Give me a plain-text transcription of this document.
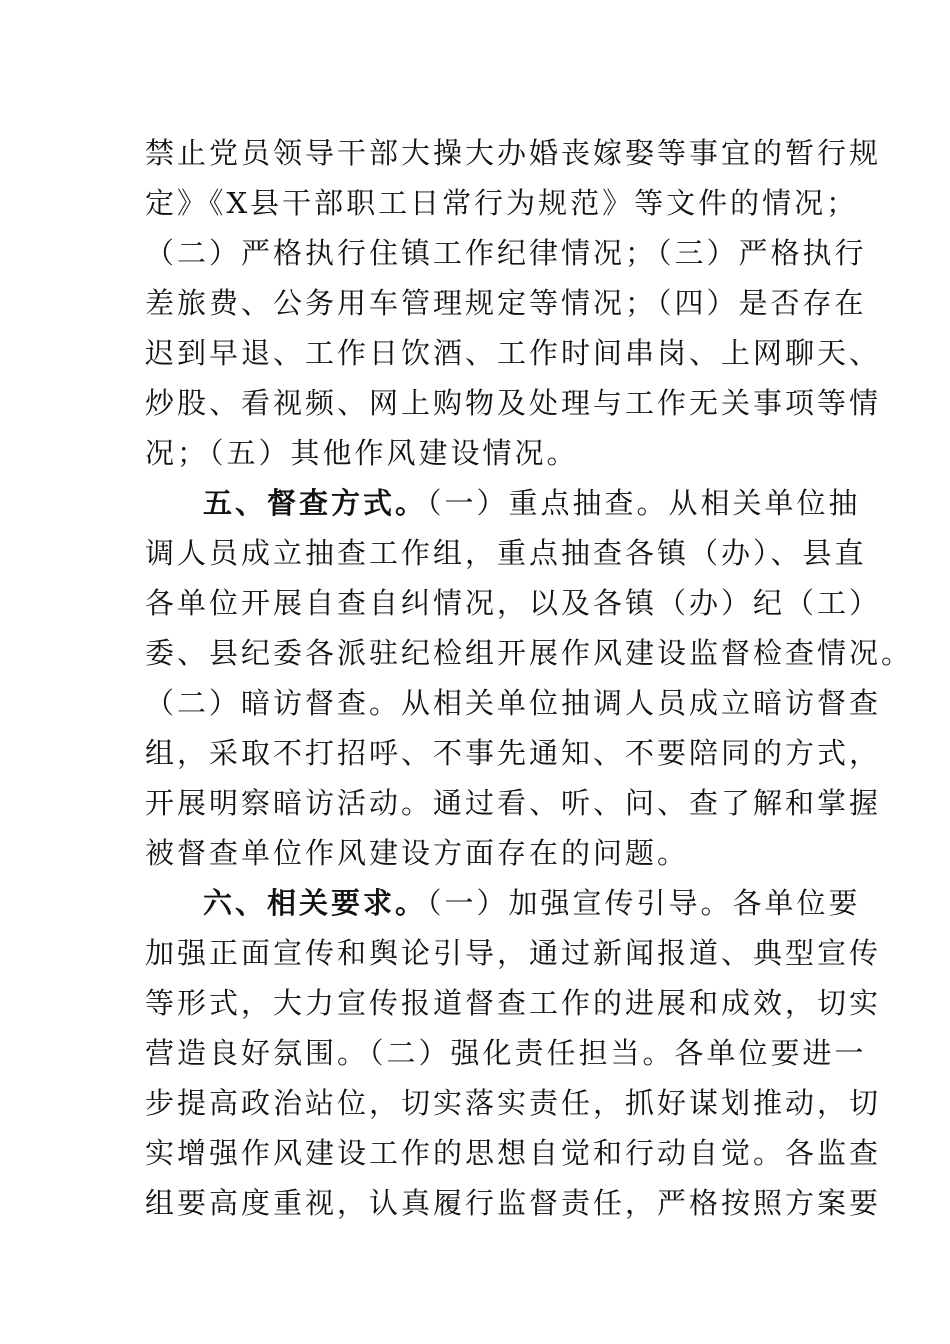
禁止党员领导干部大操大办婚丧嫁娶等事宜的暂行规
定》《X县干部职工日常行为规范》等文件的情况；
（二）严格执行住镇工作纪律情况；（三）严格执行
差旅费、公务用车管理规定等情况；（四）是否存在
迟到早退、工作日饮酒、工作时间串岗、上网聊天、
炒股、看视频、网上购物及处理与工作无关事项等情
况；（五）其他作风建设情况。
五、督查方式。（一）重点抽查。从相关单位抽
调人员成立抽查工作组，重点抽查各镇（办）、县直
各单位开展自查自纠情况，以及各镇（办）纪（工）
委、县纪委各派驻纪检组开展作风建设监督检查情况。
（二）暗访督查。从相关单位抽调人员成立暗访督查
组，采取不打招呼、不事先通知、不要陪同的方式，
开展明察暗访活动。通过看、听、问、查了解和掌握
被督查单位作风建设方面存在的问题。
六、相关要求。（一）加强宣传引导。各单位要
加强正面宣传和舆论引导，通过新闻报道、典型宣传
等形式，大力宣传报道督查工作的进展和成效，切实
营造良好氛围。（二）强化责任担当。各单位要进一
步提高政治站位，切实落实责任，抓好谋划推动，切
实增强作风建设工作的思想自觉和行动自觉。各监查
组要高度重视，认真履行监督责任，严格按照方案要
